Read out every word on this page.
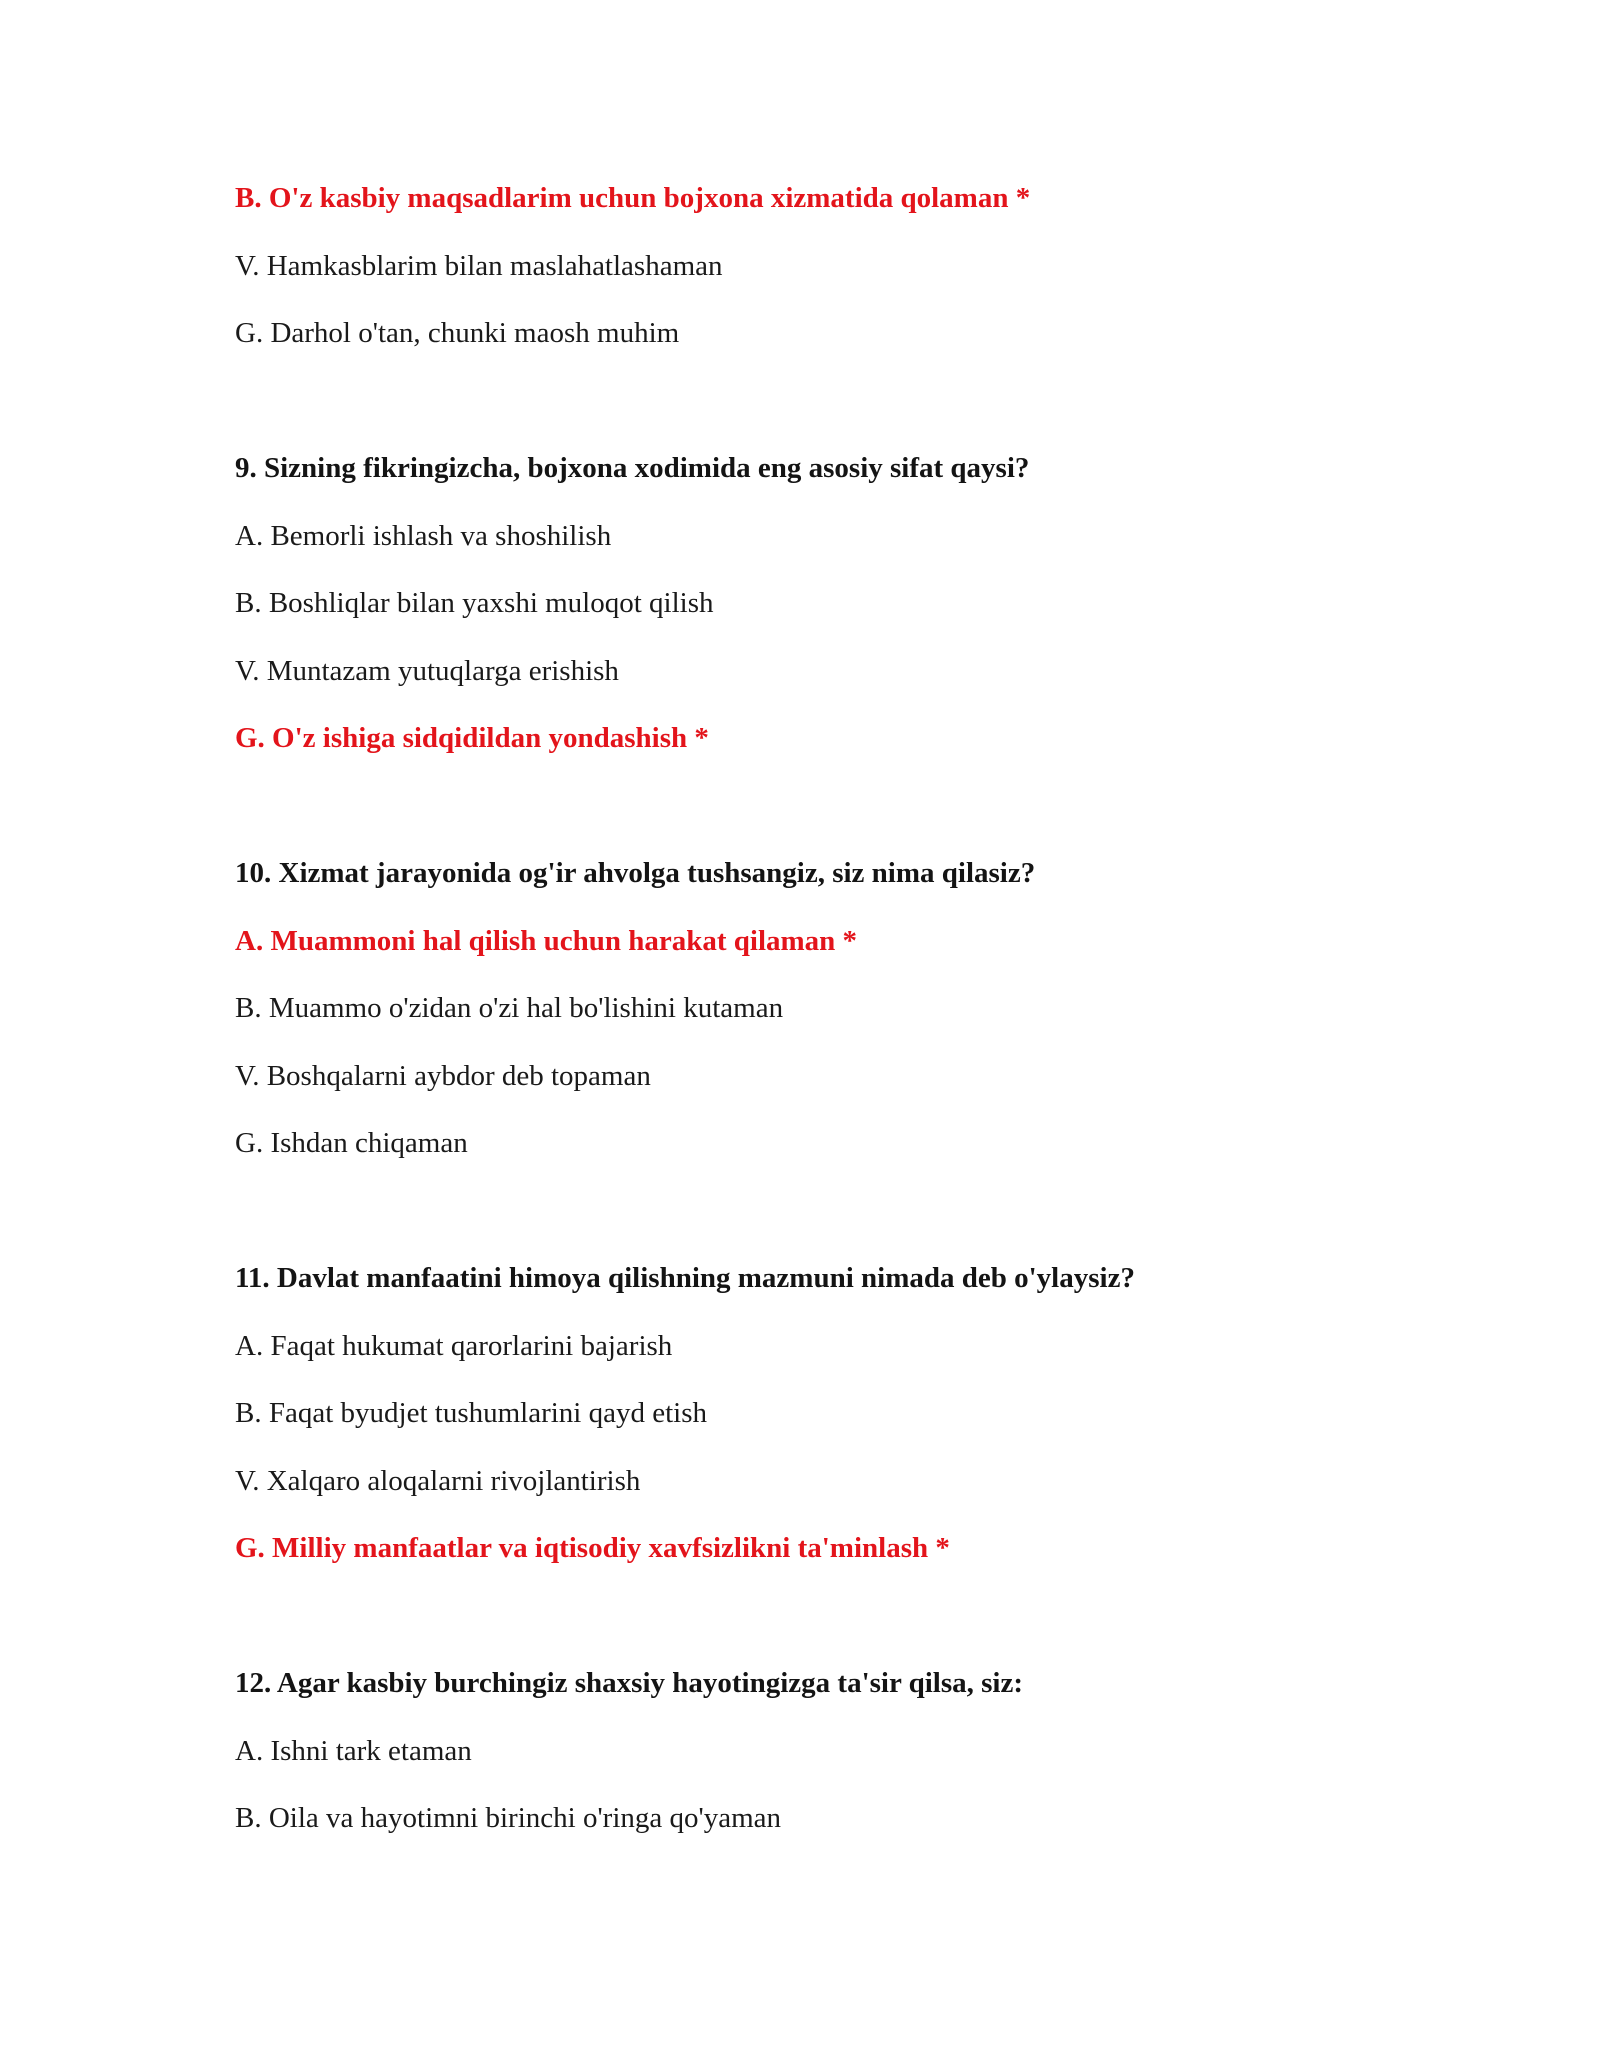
B. O'z kasbiy maqsadlarim uchun bojxona xizmatida qolaman *
V. Hamkasblarim bilan maslahatlashaman
G. Darhol o'tan, chunki maosh muhim
9. Sizning fikringizcha, bojxona xodimida eng asosiy sifat qaysi?
A. Bemorli ishlash va shoshilish
B. Boshliqlar bilan yaxshi muloqot qilish
V. Muntazam yutuqlarga erishish
G. O'z ishiga sidqidildan yondashish *
10. Xizmat jarayonida og'ir ahvolga tushsangiz, siz nima qilasiz?
A. Muammoni hal qilish uchun harakat qilaman *
B. Muammo o'zidan o'zi hal bo'lishini kutaman
V. Boshqalarni aybdor deb topaman
G. Ishdan chiqaman
11. Davlat manfaatini himoya qilishning mazmuni nimada deb o'ylaysiz?
A. Faqat hukumat qarorlarini bajarish
B. Faqat byudjet tushumlarini qayd etish
V. Xalqaro aloqalarni rivojlantirish
G. Milliy manfaatlar va iqtisodiy xavfsizlikni ta'minlash *
12. Agar kasbiy burchingiz shaxsiy hayotingizga ta'sir qilsa, siz:
A. Ishni tark etaman
B. Oila va hayotimni birinchi o'ringa qo'yaman
